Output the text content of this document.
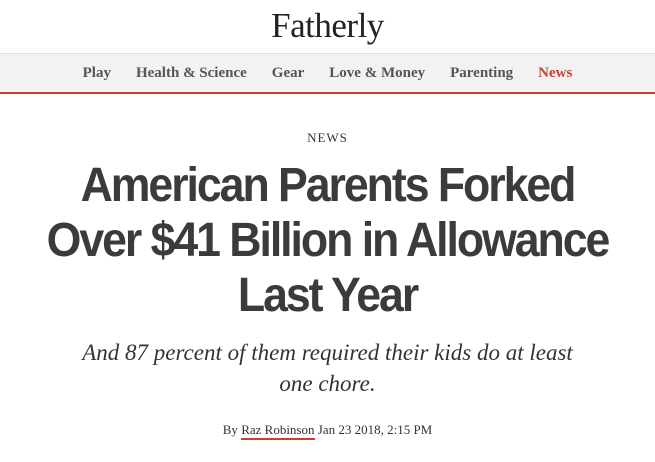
Fatherly
Play	Health & Science	Gear	Love & Money	Parenting	News
NEWS
American Parents Forked
Over $41 Billion in Allowance
Last Year

And 87 percent of them required their kids do at least
one chore.

By Raz Robinson Jan 23 2018, 2:15 PM
